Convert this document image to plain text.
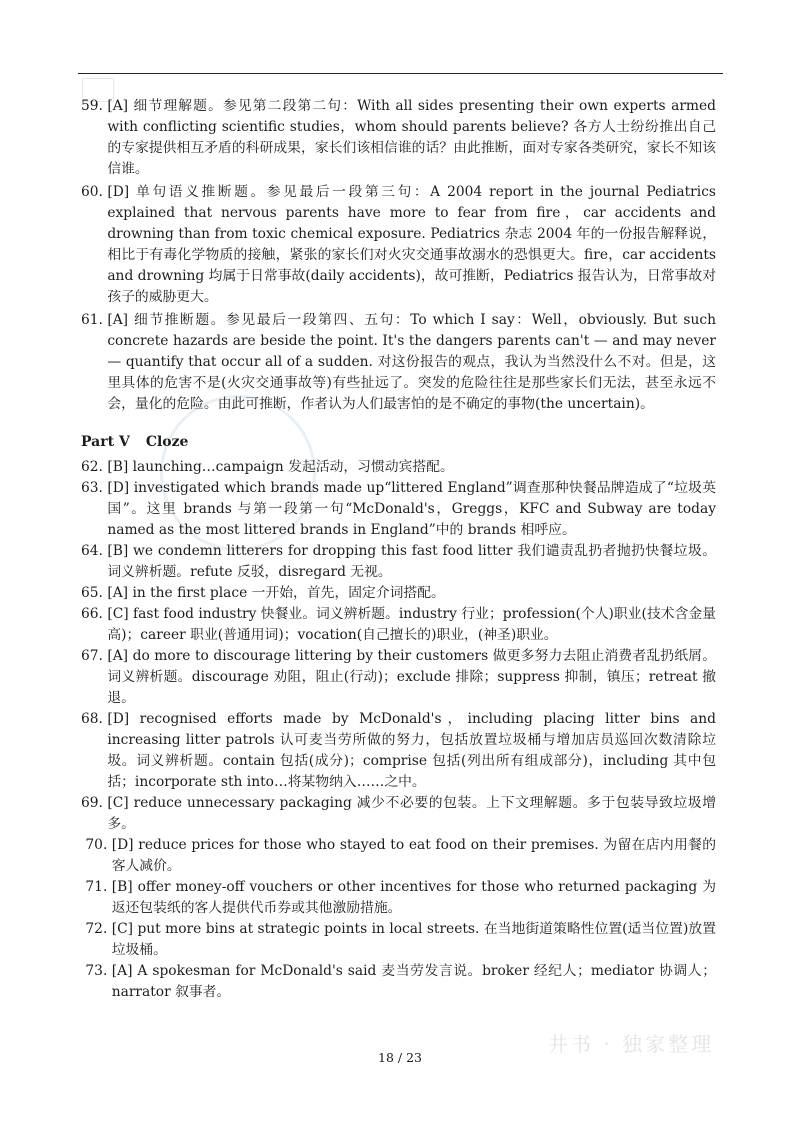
59. [A] 细节理解题。参见第二段第二句：With all sides presenting their own experts armed with conflicting scientific studies，whom should parents believe? 各方人士纷纷推出自己的专家提供相互矛盾的科研成果，家长们该相信谁的话？由此推断，面对专家各类研究，家长不知该信谁。
60. [D] 单句语义推断题。参见最后一段第三句：A 2004 report in the journal Pediatrics explained that nervous parents have more to fear from fire，car accidents and drowning than from toxic chemical exposure. Pediatrics 杂志 2004 年的一份报告解释说，相比于有毒化学物质的接触，紧张的家长们对火灾交通事故溺水的恐惧更大。fire，car accidents and drowning 均属于日常事故(daily accidents)，故可推断，Pediatrics 报告认为，日常事故对孩子的威胁更大。
61. [A] 细节推断题。参见最后一段第四、五句：To which I say：Well，obviously. But such concrete hazards are beside the point. It's the dangers parents can't — and may never — quantify that occur all of a sudden. 对这份报告的观点，我认为当然没什么不对。但是，这里具体的危害不是(火灾交通事故等)有些扯远了。突发的危险往往是那些家长们无法，甚至永远不会，量化的危险。由此可推断，作者认为人们最害怕的是不确定的事物(the uncertain)。
Part Ⅴ Cloze
62. [B] launching…campaign 发起活动，习惯动宾搭配。
63. [D] investigated which brands made up“littered England”调查那种快餐品牌造成了“垃圾英国”。这里 brands 与第一段第一句“McDonald's，Greggs，KFC and Subway are today named as the most littered brands in England”中的 brands 相呼应。
64. [B] we condemn litterers for dropping this fast food litter 我们谴责乱扔者抛扔快餐垃圾。词义辨析题。refute 反驳，disregard 无视。
65. [A] in the first place 一开始，首先，固定介词搭配。
66. [C] fast food industry 快餐业。词义辨析题。industry 行业；profession(个人)职业(技术含金量高)；career 职业(普通用词)；vocation(自己擅长的)职业，(神圣)职业。
67. [A] do more to discourage littering by their customers 做更多努力去阻止消费者乱扔纸屑。词义辨析题。discourage 劝阻，阻止(行动)；exclude 排除；suppress 抑制，镇压；retreat 撤退。
68. [D] recognised efforts made by McDonald's，including placing litter bins and increasing litter patrols 认可麦当劳所做的努力，包括放置垃圾桶与增加店员巡回次数清除垃圾。词义辨析题。contain 包括(成分)；comprise 包括(列出所有组成部分)，including 其中包括；incorporate sth into…将某物纳入……之中。
69. [C] reduce unnecessary packaging 减少不必要的包装。上下文理解题。多于包装导致垃圾增多。
70. [D] reduce prices for those who stayed to eat food on their premises. 为留在店内用餐的客人减价。
71. [B] offer money-off vouchers or other incentives for those who returned packaging 为返还包装纸的客人提供代币券或其他激励措施。
72. [C] put more bins at strategic points in local streets. 在当地街道策略性位置(适当位置)放置垃圾桶。
73. [A] A spokesman for McDonald's said 麦当劳发言说。broker 经纪人；mediator 协调人；narrator 叙事者。
井书 · 独家整理
18 / 23
